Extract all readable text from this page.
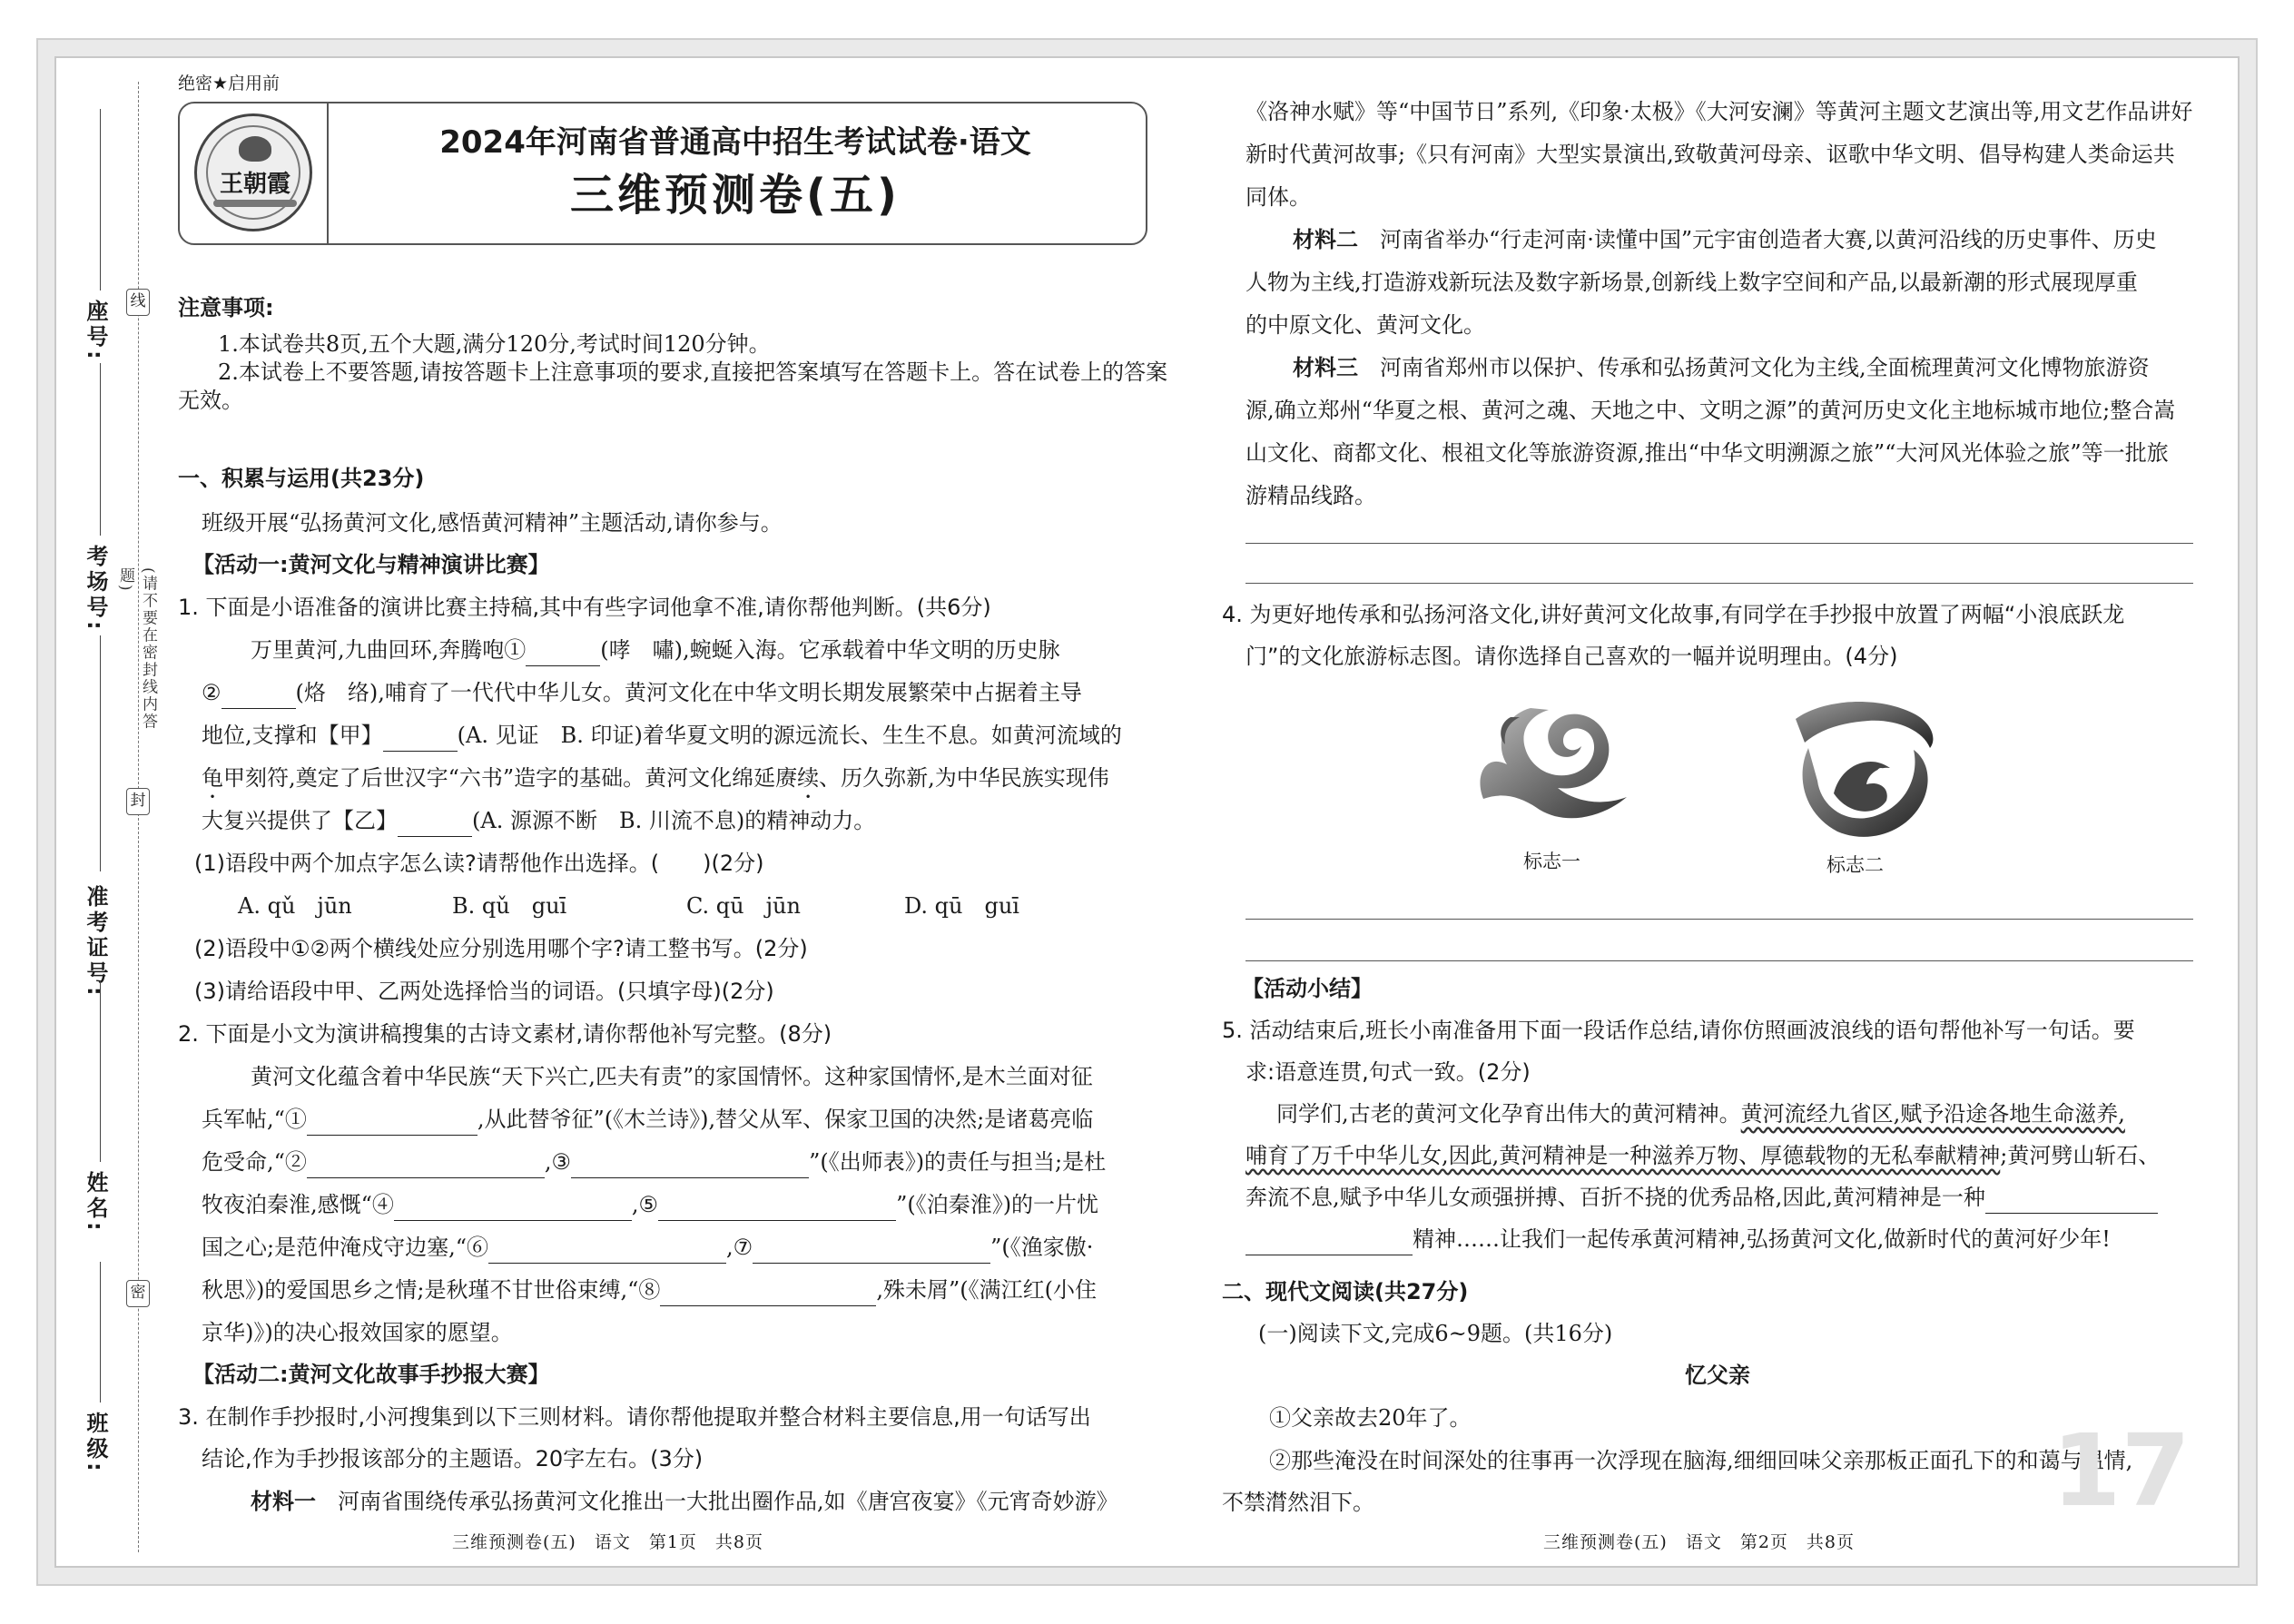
线
封
密
(请不要在密封线内答题)
座号:
考场号:
准考证号:
姓名:
班级:
绝密★启用前
王朝霞
2024年河南省普通高中招生考试试卷·语文
三维预测卷(五)
注意事项:
1.本试卷共8页,五个大题,满分120分,考试时间120分钟。
2.本试卷上不要答题,请按答题卡上注意事项的要求,直接把答案填写在答题卡上。答在试卷上的答案
无效。
一、积累与运用(共23分)
班级开展“弘扬黄河文化,感悟黄河精神”主题活动,请你参与。
【活动一:黄河文化与精神演讲比赛】
1. 下面是小语准备的演讲比赛主持稿,其中有些字词他拿不准,请你帮他判断。(共6分)
万里黄河,九曲回环,奔腾咆①	(哮　嘯),蜿蜒入海。它承载着中华文明的历史脉
②	(烙　络),哺育了一代代中华儿女。黄河文化在中华文明长期发展繁荣中占据着主导
地位,支撑和【甲】	(A. 见证　B. 印证)着华夏文明的源远流长、生生不息。如黄河流域的
龟甲刻符,奠定了后世汉字“六书”造字的基础。黄河文化绵延赓续、历久弥新,为中华民族实现伟
大复兴提供了【乙】	(A. 源源不断　B. 川流不息)的精神动力。
(1)语段中两个加点字怎么读?请帮他作出选择。(　　)(2分)
A. qǔ　jūn	B. qǔ　guī	C. qū　jūn	D. qū　guī
(2)语段中①②两个横线处应分别选用哪个字?请工整书写。(2分)
(3)请给语段中甲、乙两处选择恰当的词语。(只填字母)(2分)
2. 下面是小文为演讲稿搜集的古诗文素材,请你帮他补写完整。(8分)
黄河文化蕴含着中华民族“天下兴亡,匹夫有责”的家国情怀。这种家国情怀,是木兰面对征
兵军帖,“①	,从此替爷征”(《木兰诗》),替父从军、保家卫国的决然;是诸葛亮临
危受命,“②	,③	”(《出师表》)的责任与担当;是杜
牧夜泊秦淮,感慨“④	,⑤	”(《泊秦淮》)的一片忧
国之心;是范仲淹戍守边塞,“⑥	,⑦	”(《渔家傲·
秋思》)的爱国思乡之情;是秋瑾不甘世俗束缚,“⑧	,殊未屑”(《满江红(小住
京华)》)的决心报效国家的愿望。
【活动二:黄河文化故事手抄报大赛】
3. 在制作手抄报时,小河搜集到以下三则材料。请你帮他提取并整合材料主要信息,用一句话写出
结论,作为手抄报该部分的主题语。20字左右。(3分)
材料一　 河南省围绕传承弘扬黄河文化推出一大批出圈作品,如《唐宫夜宴》《元宵奇妙游》
三维预测卷(五)　语文　第1页　共8页
《洛神水赋》等“中国节日”系列,《印象·太极》《大河安澜》等黄河主题文艺演出等,用文艺作品讲好
新时代黄河故事;《只有河南》大型实景演出,致敬黄河母亲、讴歌中华文明、倡导构建人类命运共
同体。
材料二　 河南省举办“行走河南·读懂中国”元宇宙创造者大赛,以黄河沿线的历史事件、历史
人物为主线,打造游戏新玩法及数字新场景,创新线上数字空间和产品,以最新潮的形式展现厚重
的中原文化、黄河文化。
材料三　 河南省郑州市以保护、传承和弘扬黄河文化为主线,全面梳理黄河文化博物旅游资
源,确立郑州“华夏之根、黄河之魂、天地之中、文明之源”的黄河历史文化主地标城市地位;整合嵩
山文化、商都文化、根祖文化等旅游资源,推出“中华文明溯源之旅”“大河风光体验之旅”等一批旅
游精品线路。
4. 为更好地传承和弘扬河洛文化,讲好黄河文化故事,有同学在手抄报中放置了两幅“小浪底跃龙
门”的文化旅游标志图。请你选择自己喜欢的一幅并说明理由。(4分)
标志一	标志二
【活动小结】
5. 活动结束后,班长小南准备用下面一段话作总结,请你仿照画波浪线的语句帮他补写一句话。要
求:语意连贯,句式一致。(2分)
同学们,古老的黄河文化孕育出伟大的黄河精神。黄河流经九省区,赋予沿途各地生命滋养,
哺育了万千中华儿女,因此,黄河精神是一种滋养万物、厚德载物的无私奉献精神;黄河劈山斩石、
奔流不息,赋予中华儿女顽强拼搏、百折不挠的优秀品格,因此,黄河精神是一种
精神……让我们一起传承黄河精神,弘扬黄河文化,做新时代的黄河好少年!
二、现代文阅读(共27分)
(一)阅读下文,完成6~9题。(共16分)
忆父亲
①父亲故去20年了。
②那些淹没在时间深处的往事再一次浮现在脑海,细细回味父亲那板正面孔下的和蔼与温情,
不禁潸然泪下。
三维预测卷(五)　语文　第2页　共8页
17
